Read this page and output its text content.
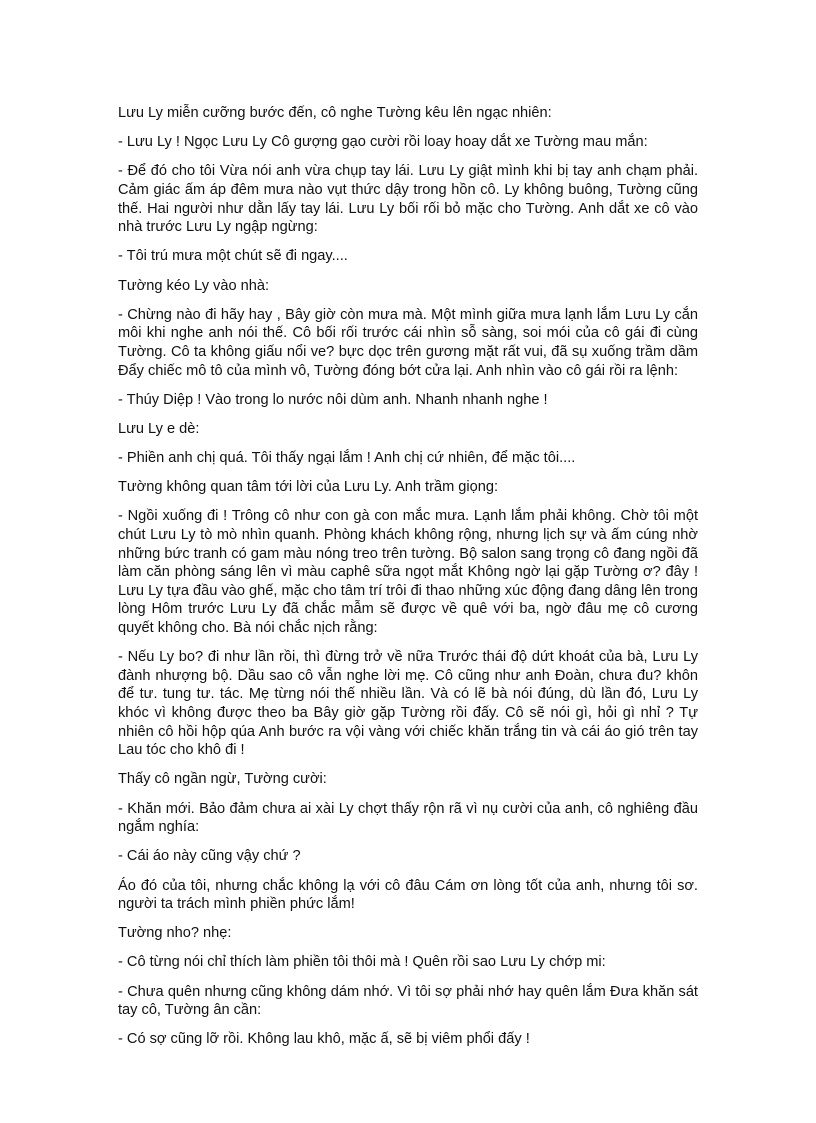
Lưu Ly miễn cưỡng bước đến, cô nghe Tường kêu lên ngạc nhiên:

- Lưu Ly ! Ngọc Lưu Ly Cô gượng gạo cười rồi loay hoay dắt xe Tường mau mắn:

- Để đó cho tôi Vừa nói anh vừa chụp tay lái. Lưu Ly giật mình khi bị tay anh chạm phải. Cảm giác ấm áp đêm mưa nào vụt thức dậy trong hồn cô. Ly không buông, Tường cũng thế. Hai người như dằn lấy tay lái. Lưu Ly bối rối bỏ mặc cho Tường. Anh dắt xe cô vào nhà trước Lưu Ly ngập ngừng:

- Tôi trú mưa một chút sẽ đi ngay....

Tường kéo Ly vào nhà:

- Chừng nào đi hãy hay , Bây giờ còn mưa mà. Một mình giữa mưa lạnh lắm Lưu Ly cắn môi khi nghe anh nói thế. Cô bối rối trước cái nhìn sỗ sàng, soi mói của cô gái đi cùng Tường. Cô ta không giấu nổi ve? bực dọc trên gương mặt rất vui, đã sụ xuống trầm dầm Đẩy chiếc mô tô của mình vô, Tường đóng bớt cửa lại. Anh nhìn vào cô gái rồi ra lệnh:

- Thúy Diệp ! Vào trong lo nước nôi dùm anh. Nhanh nhanh nghe !

Lưu Ly e dè:

- Phiền anh chị quá. Tôi thấy ngại lắm ! Anh chị cứ nhiên, để mặc tôi....

Tường không quan tâm tới lời của Lưu Ly. Anh trầm giọng:

- Ngồi xuống đi ! Trông cô như con gà con mắc mưa. Lạnh lắm phải không. Chờ tôi một chút Lưu Ly tò mò nhìn quanh. Phòng khách không rộng, nhưng lịch sự và ấm cúng nhờ những bức tranh có gam màu nóng treo trên tường. Bộ salon sang trọng cô đang ngồi đã làm căn phòng sáng lên vì màu caphê sữa ngọt mắt Không ngờ lại gặp Tường ơ? đây ! Lưu Ly tựa đầu vào ghế, mặc cho tâm trí trôi đi thao những xúc động đang dâng lên trong lòng Hôm trước Lưu Ly đã chắc mẫm sẽ được về quê với ba, ngờ đâu mẹ cô cương quyết không cho. Bà nói chắc nịch rằng:

- Nếu Ly bo? đi như lần rồi, thì đừng trở về nữa Trước thái độ dứt khoát của bà, Lưu Ly đành nhượng bộ. Dầu sao cô vẫn nghe lời mẹ. Cô cũng như anh Đoàn, chưa đu? khôn để tư. tung tư. tác. Mẹ từng nói thế nhiều lần. Và có lẽ bà nói đúng, dù lần đó, Lưu Ly khóc vì không được theo ba Bây giờ gặp Tường rồi đấy. Cô sẽ nói gì, hỏi gì nhỉ ? Tự nhiên cô hồi hộp qúa Anh bước ra vội vàng với chiếc khăn trắng tin và cái áo gió trên tay Lau tóc cho khô đi !

Thấy cô ngần ngừ, Tường cười:

- Khăn mới. Bảo đảm chưa ai xài Ly chợt thấy rộn rã vì nụ cười của anh, cô nghiêng đầu ngắm nghía:

- Cái áo này cũng vậy chứ ?

Áo đó của tôi, nhưng chắc không lạ với cô đâu Cám ơn lòng tốt của anh, nhưng tôi sơ. người ta trách mình phiền phức lắm!

Tường nho? nhẹ:

- Cô từng nói chỉ thích làm phiền tôi thôi mà ! Quên rồi sao Lưu Ly chớp mi:

- Chưa quên nhưng cũng không dám nhớ. Vì tôi sợ phải nhớ hay quên lắm Đưa khăn sát tay cô, Tường ân cần:

- Có sợ cũng lỡ rồi. Không lau khô, mặc ấ, sẽ bị viêm phổi đấy !
